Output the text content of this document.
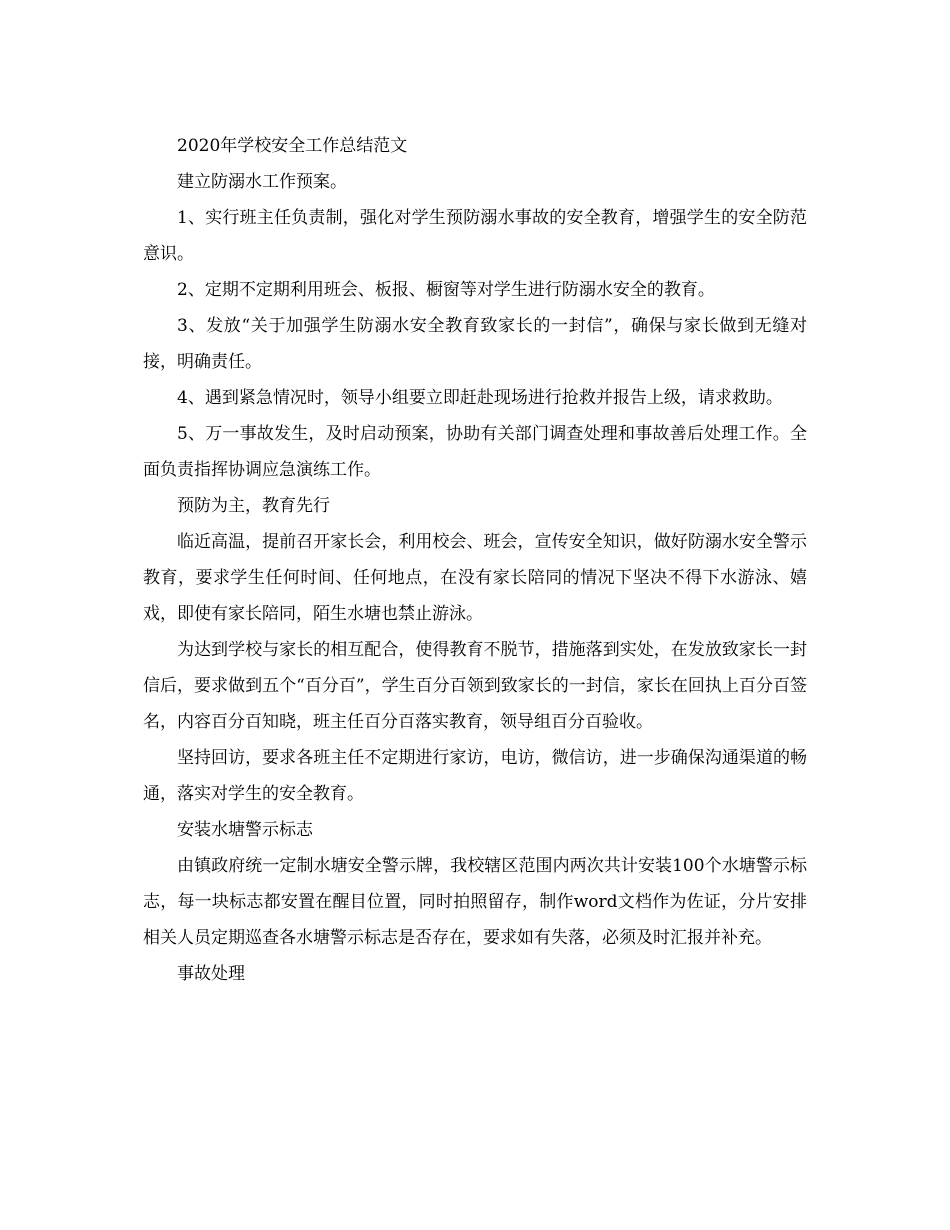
2020年学校安全工作总结范文

建立防溺水工作预案。

1、实行班主任负责制，强化对学生预防溺水事故的安全教育，增强学生的安全防范意识。

2、定期不定期利用班会、板报、橱窗等对学生进行防溺水安全的教育。

3、发放“关于加强学生防溺水安全教育致家长的一封信”，确保与家长做到无缝对接，明确责任。

4、遇到紧急情况时，领导小组要立即赶赴现场进行抢救并报告上级，请求救助。

5、万一事故发生，及时启动预案，协助有关部门调查处理和事故善后处理工作。全面负责指挥协调应急演练工作。

预防为主，教育先行

临近高温，提前召开家长会，利用校会、班会，宣传安全知识，做好防溺水安全警示教育，要求学生任何时间、任何地点，在没有家长陪同的情况下坚决不得下水游泳、嬉戏，即使有家长陪同，陌生水塘也禁止游泳。

为达到学校与家长的相互配合，使得教育不脱节，措施落到实处，在发放致家长一封信后，要求做到五个“百分百”，学生百分百领到致家长的一封信，家长在回执上百分百签名，内容百分百知晓，班主任百分百落实教育，领导组百分百验收。

坚持回访，要求各班主任不定期进行家访，电访，微信访，进一步确保沟通渠道的畅通，落实对学生的安全教育。

安装水塘警示标志

由镇政府统一定制水塘安全警示牌，我校辖区范围内两次共计安装100个水塘警示标志，每一块标志都安置在醒目位置，同时拍照留存，制作word文档作为佐证，分片安排相关人员定期巡查各水塘警示标志是否存在，要求如有失落，必须及时汇报并补充。

事故处理
